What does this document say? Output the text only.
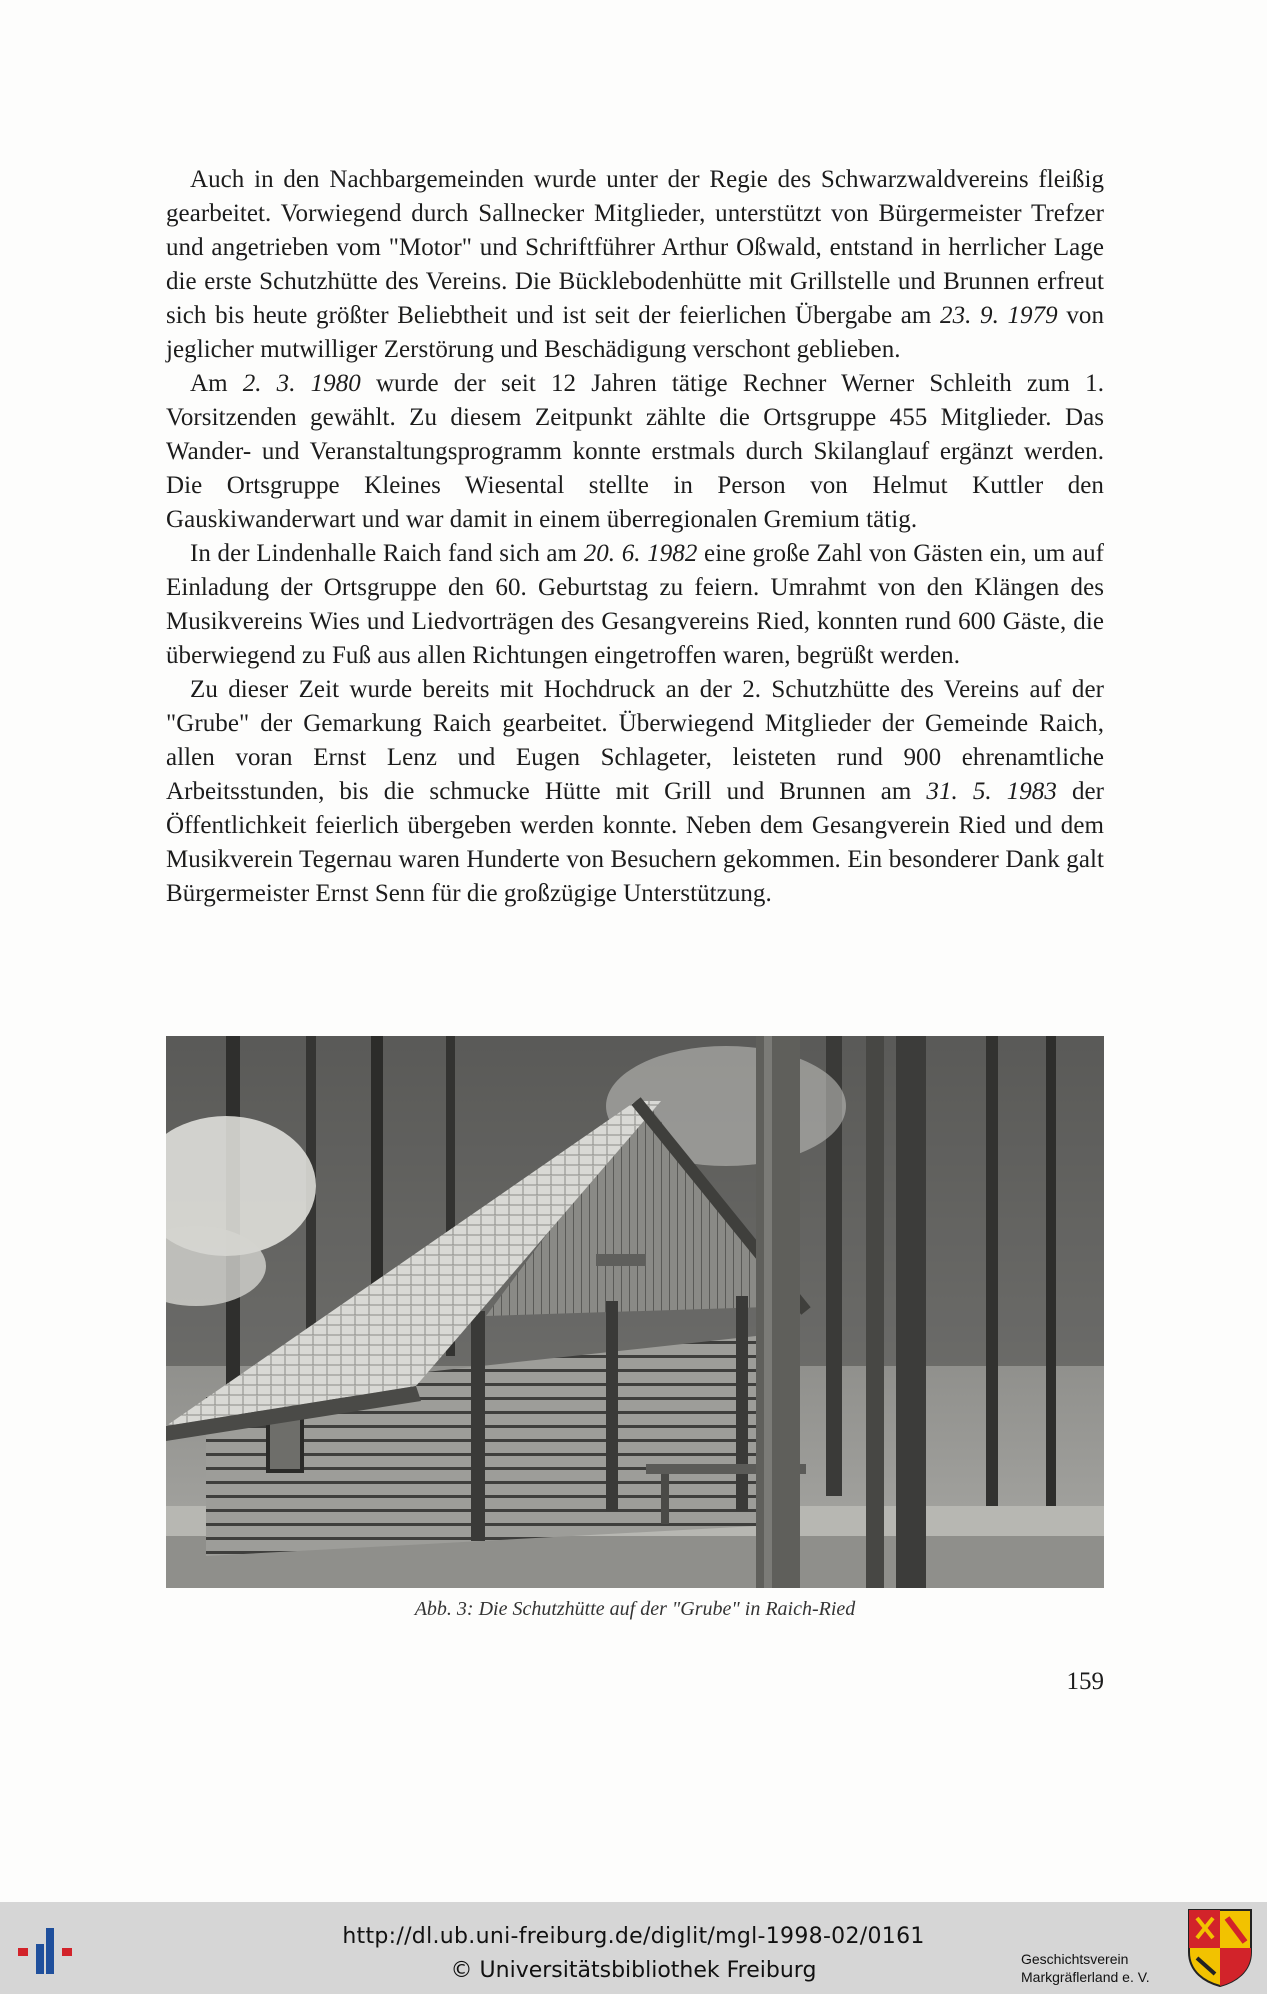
Auch in den Nachbargemeinden wurde unter der Regie des Schwarzwaldvereins fleißig gearbeitet. Vorwiegend durch Sallnecker Mitglieder, unterstützt von Bürgermeister Trefzer und angetrieben vom "Motor" und Schriftführer Arthur Oßwald, entstand in herrlicher Lage die erste Schutzhütte des Vereins. Die Bücklebodenhütte mit Grillstelle und Brunnen erfreut sich bis heute größter Beliebtheit und ist seit der feierlichen Übergabe am 23. 9. 1979 von jeglicher mutwilliger Zerstörung und Beschädigung verschont geblieben.

Am 2. 3. 1980 wurde der seit 12 Jahren tätige Rechner Werner Schleith zum 1. Vorsitzenden gewählt. Zu diesem Zeitpunkt zählte die Ortsgruppe 455 Mitglieder. Das Wander- und Veranstaltungsprogramm konnte erstmals durch Skilanglauf ergänzt werden. Die Ortsgruppe Kleines Wiesental stellte in Person von Helmut Kuttler den Gauskiwanderwart und war damit in einem überregionalen Gremium tätig.

In der Lindenhalle Raich fand sich am 20. 6. 1982 eine große Zahl von Gästen ein, um auf Einladung der Ortsgruppe den 60. Geburtstag zu feiern. Umrahmt von den Klängen des Musikvereins Wies und Liedvorträgen des Gesangvereins Ried, konnten rund 600 Gäste, die überwiegend zu Fuß aus allen Richtungen eingetroffen waren, begrüßt werden.

Zu dieser Zeit wurde bereits mit Hochdruck an der 2. Schutzhütte des Vereins auf der "Grube" der Gemarkung Raich gearbeitet. Überwiegend Mitglieder der Gemeinde Raich, allen voran Ernst Lenz und Eugen Schlageter, leisteten rund 900 ehrenamtliche Arbeitsstunden, bis die schmucke Hütte mit Grill und Brunnen am 31. 5. 1983 der Öffentlichkeit feierlich übergeben werden konnte. Neben dem Gesangverein Ried und dem Musikverein Tegernau waren Hunderte von Besuchern gekommen. Ein besonderer Dank galt Bürgermeister Ernst Senn für die großzügige Unterstützung.

Abb. 3: Die Schutzhütte auf der "Grube" in Raich-Ried
159
http://dl.ub.uni-freiburg.de/diglit/mgl-1998-02/0161
© Universitätsbibliothek Freiburg	Geschichtsverein
Markgräflerland e. V.
